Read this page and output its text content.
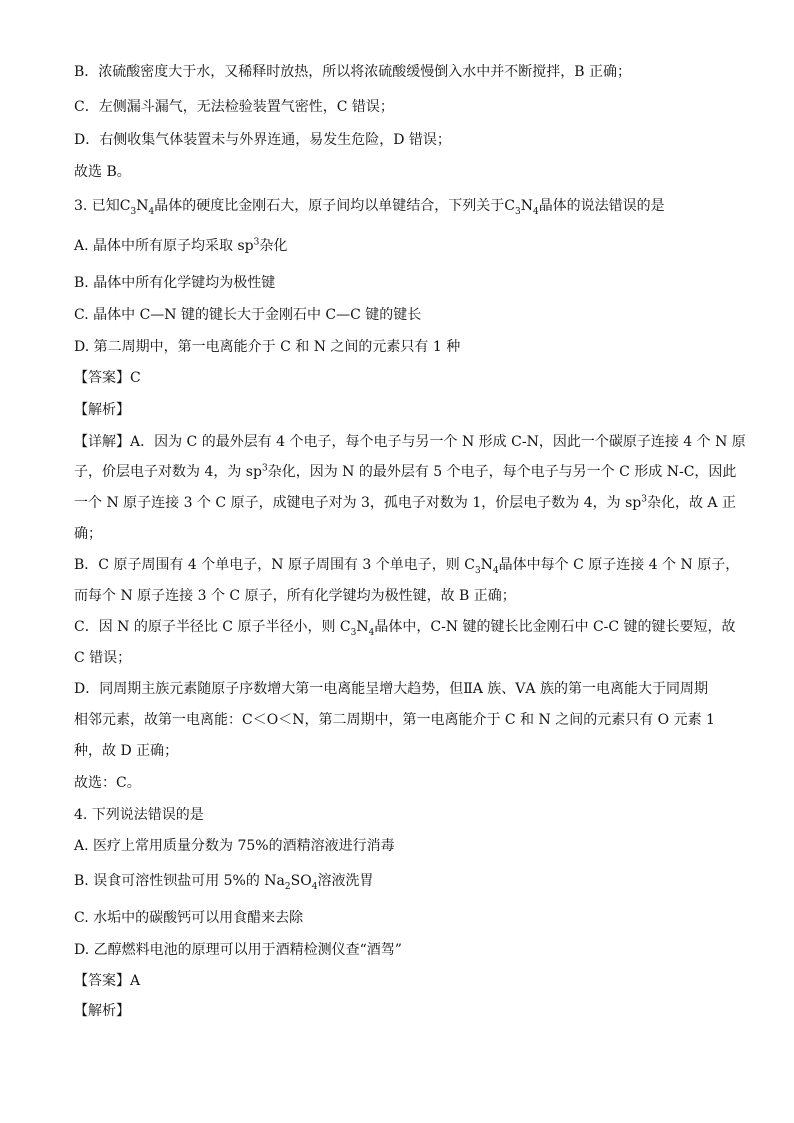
B．浓硫酸密度大于水，又稀释时放热，所以将浓硫酸缓慢倒入水中并不断搅拌，B 正确；
C．左侧漏斗漏气，无法检验装置气密性，C 错误；
D．右侧收集气体装置未与外界连通，易发生危险，D 错误；
故选 B。
3. 已知$C_3N_4$晶体的硬度比金刚石大，原子间均以单键结合，下列关于$C_3N_4$晶体的说法错误的是
A. 晶体中所有原子均采取 $sp^3$杂化
B. 晶体中所有化学键均为极性键
C. 晶体中 C—N 键的键长大于金刚石中 C—C 键的键长
D. 第二周期中，第一电离能介于 C 和 N 之间的元素只有 1 种
【答案】C
【解析】
【详解】A．因为 C 的最外层有 4 个电子，每个电子与另一个 N 形成 C-N，因此一个碳原子连接 4 个 N 原
子，价层电子对数为 4，为 $sp^3$杂化，因为 N 的最外层有 5 个电子，每个电子与另一个 C 形成 N-C，因此
一个 N 原子连接 3 个 C 原子，成键电子对为 3，孤电子对数为 1，价层电子数为 4，为 $sp^3$杂化，故 A 正
确；
B．C 原子周围有 4 个单电子，N 原子周围有 3 个单电子，则 $C_3N_4$晶体中每个 C 原子连接 4 个 N 原子，
而每个 N 原子连接 3 个 C 原子，所有化学键均为极性键，故 B 正确；
C．因 N 的原子半径比 C 原子半径小，则 $C_3N_4$晶体中，C-N 键的键长比金刚石中 C-C 键的键长要短，故
C 错误；
D．同周期主族元素随原子序数增大第一电离能呈增大趋势，但ⅡA 族、ⅤA 族的第一电离能大于同周期
相邻元素，故第一电离能：C＜O＜N，第二周期中，第一电离能介于 C 和 N 之间的元素只有 O 元素 1
种，故 D 正确；
故选：C。
4. 下列说法错误的是
A. 医疗上常用质量分数为 75%的酒精溶液进行消毒
B. 误食可溶性钡盐可用 5%的 $Na_2SO_4$溶液洗胃
C. 水垢中的碳酸钙可以用食醋来去除
D. 乙醇燃料电池的原理可以用于酒精检测仪查“酒驾”
【答案】A
【解析】
